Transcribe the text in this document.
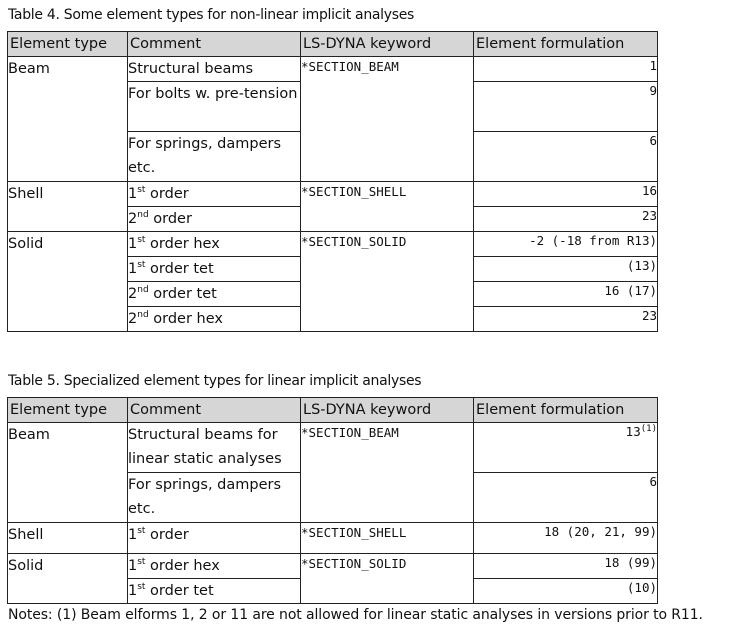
Table 4. Some element types for non-linear implicit analyses
Element type	Comment	LS-DYNA keyword	Element formulation
Beam	Structural beams	*SECTION_BEAM	1
	For bolts w. pre-tension		9
	For springs, dampers etc.		6
Shell	1st order	*SECTION_SHELL	16
	2nd order		23
Solid	1st order hex	*SECTION_SOLID	-2 (-18 from R13)
	1st order tet		(13)
	2nd order tet		16 (17)
	2nd order hex		23
Table 5. Specialized element types for linear implicit analyses
Element type	Comment	LS-DYNA keyword	Element formulation
Beam	Structural beams for linear static analyses	*SECTION_BEAM	13$^{(1)}$
	For springs, dampers etc.		6
Shell	1st order	*SECTION_SHELL	18 (20, 21, 99)
Solid	1st order hex	*SECTION_SOLID	18 (99)
	1st order tet		(10)
Notes: (1) Beam elforms 1, 2 or 11 are not allowed for linear static analyses in versions prior to R11.
